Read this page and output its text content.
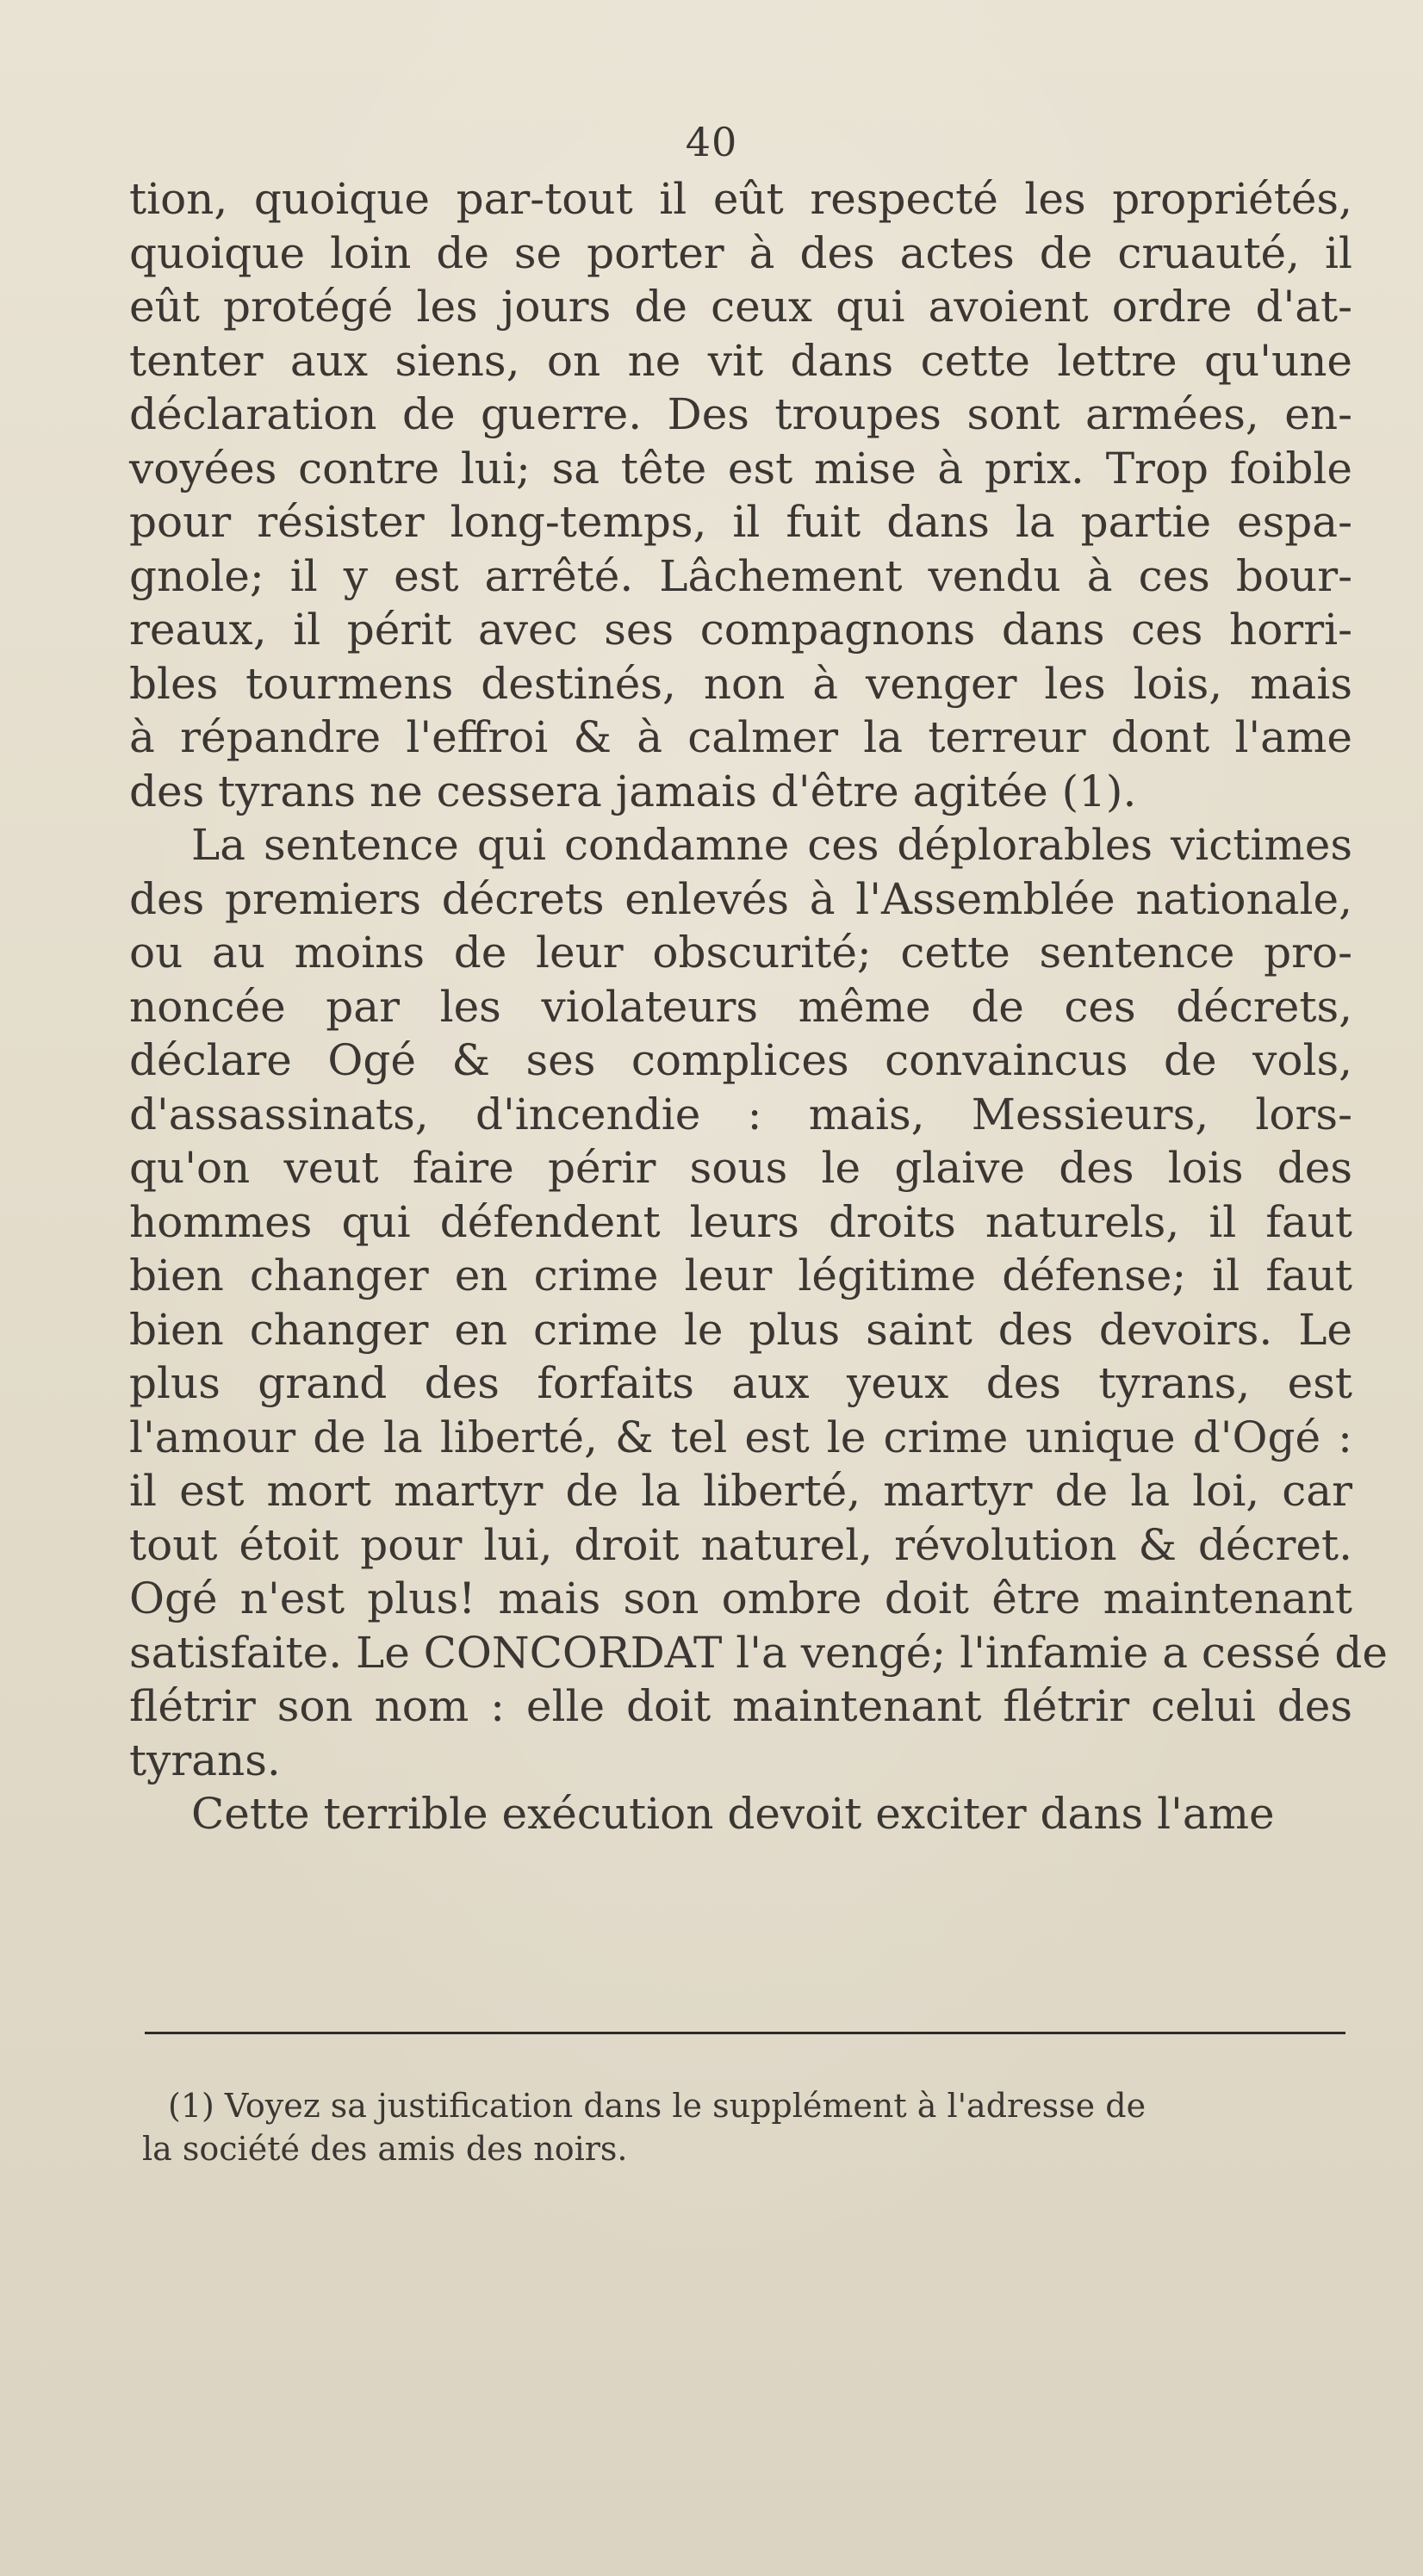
40
tion, quoique par-tout il eût respecté les propriétés,
quoique loin de se porter à des actes de cruauté, il
eût protégé les jours de ceux qui avoient ordre d'at-
tenter aux siens, on ne vit dans cette lettre qu'une
déclaration de guerre. Des troupes sont armées, en-
voyées contre lui; sa tête est mise à prix. Trop foible
pour résister long-temps, il fuit dans la partie espa-
gnole; il y est arrêté. Lâchement vendu à ces bour-
reaux, il périt avec ses compagnons dans ces horri-
bles tourmens destinés, non à venger les lois, mais
à répandre l'effroi & à calmer la terreur dont l'ame
des tyrans ne cessera jamais d'être agitée (1).
La sentence qui condamne ces déplorables victimes
des premiers décrets enlevés à l'Assemblée nationale,
ou au moins de leur obscurité; cette sentence pro-
noncée par les violateurs même de ces décrets,
déclare Ogé & ses complices convaincus de vols,
d'assassinats, d'incendie : mais, Messieurs, lors-
qu'on veut faire périr sous le glaive des lois des
hommes qui défendent leurs droits naturels, il faut
bien changer en crime leur légitime défense; il faut
bien changer en crime le plus saint des devoirs. Le
plus grand des forfaits aux yeux des tyrans, est
l'amour de la liberté, & tel est le crime unique d'Ogé :
il est mort martyr de la liberté, martyr de la loi, car
tout étoit pour lui, droit naturel, révolution & décret.
Ogé n'est plus! mais son ombre doit être maintenant
satisfaite. Le CONCORDAT l'a vengé; l'infamie a cessé de
flétrir son nom : elle doit maintenant flétrir celui des
tyrans.
Cette terrible exécution devoit exciter dans l'ame
(1) Voyez sa justification dans le supplément à l'adresse de
la société des amis des noirs.
